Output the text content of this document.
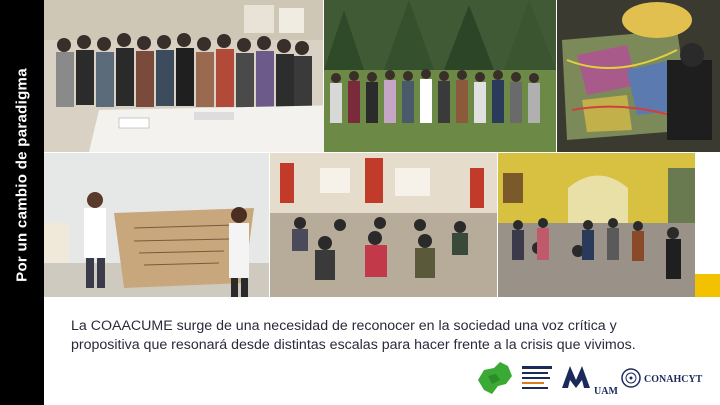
Por un cambio de paradigma
La COAACUME surge de una necesidad de reconocer en la sociedad una voz crítica y propositiva que resonará desde distintas escalas para hacer frente a la crisis que vivimos.
UAM
CONAHCYT
